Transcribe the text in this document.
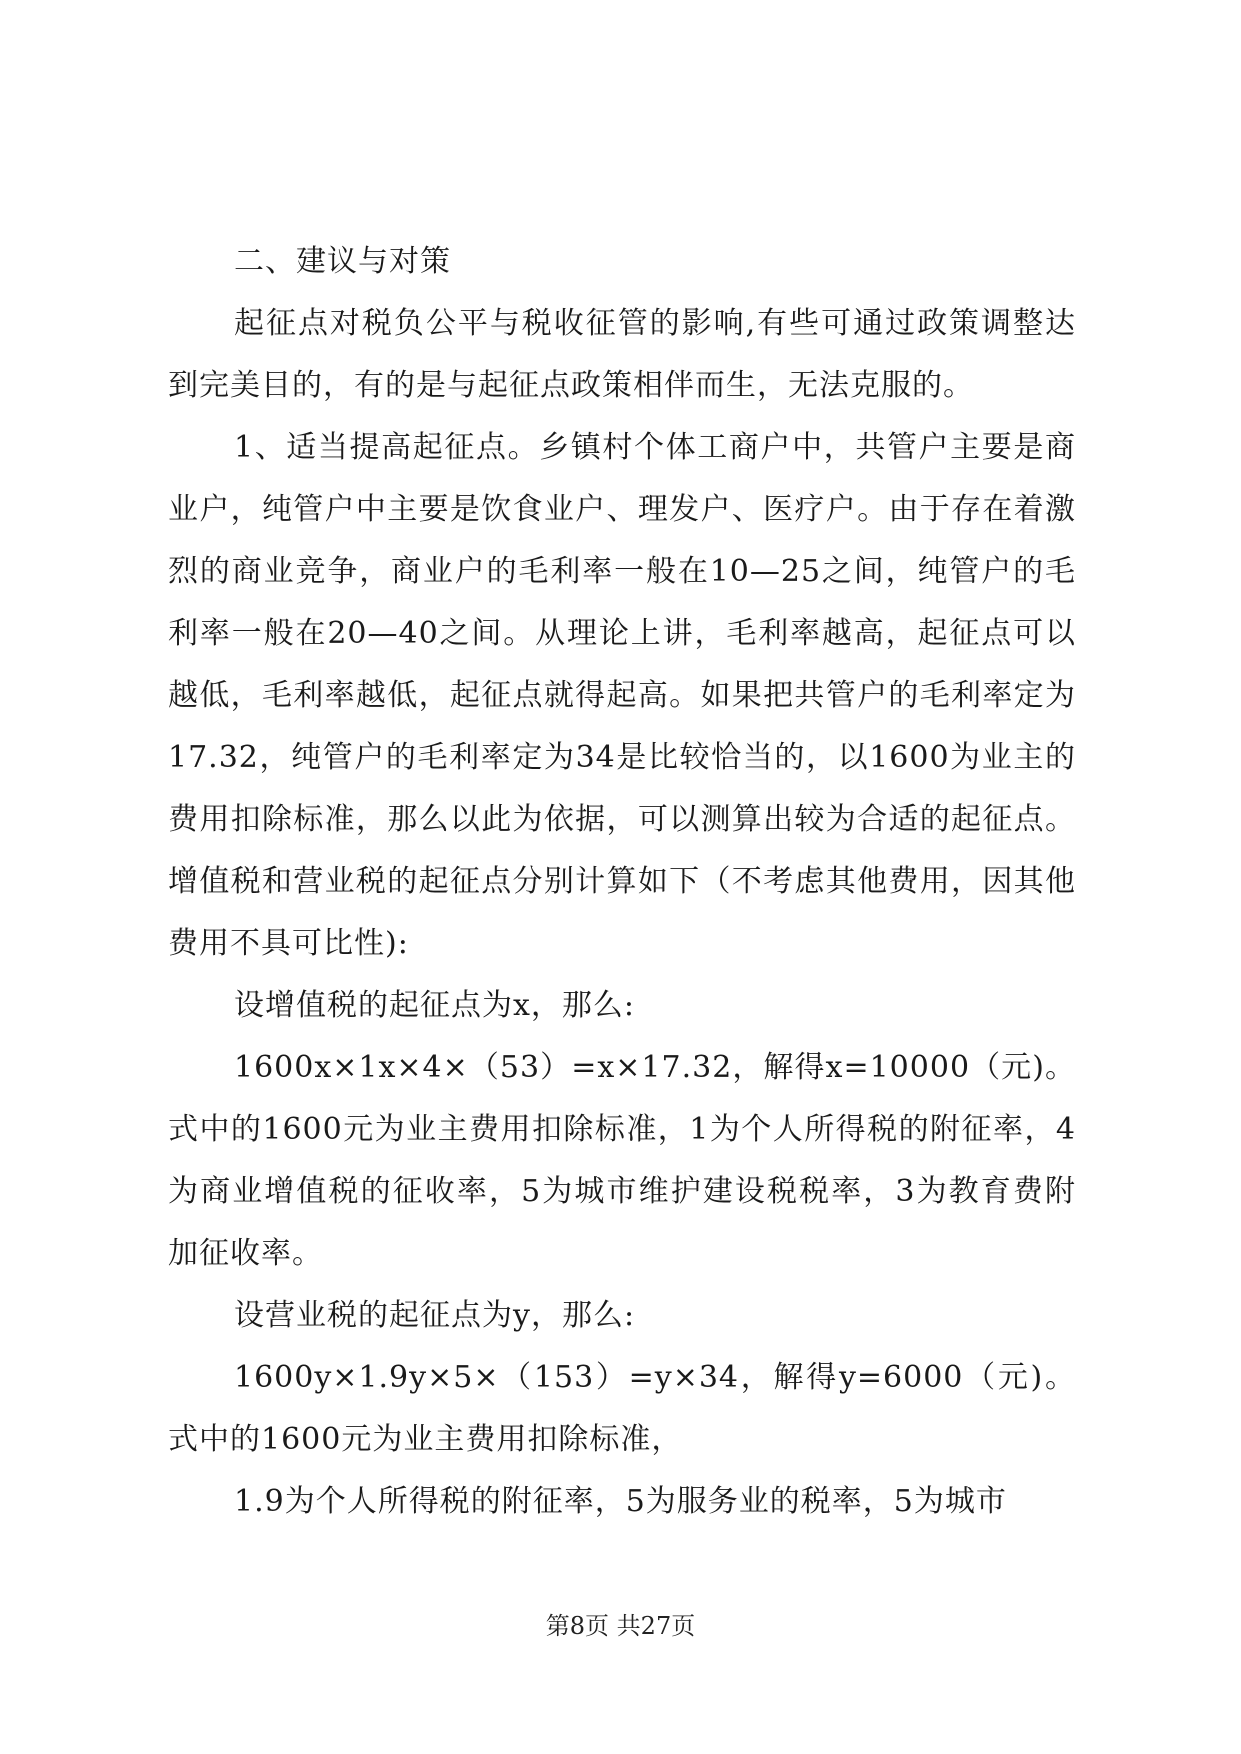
二、建议与对策

起征点对税负公平与税收征管的影响,有些可通过政策调整达到完美目的，有的是与起征点政策相伴而生，无法克服的。

1、适当提高起征点。乡镇村个体工商户中，共管户主要是商业户，纯管户中主要是饮食业户、理发户、医疗户。由于存在着激烈的商业竞争，商业户的毛利率一般在10—25之间，纯管户的毛利率一般在20—40之间。从理论上讲，毛利率越高，起征点可以越低，毛利率越低，起征点就得起高。如果把共管户的毛利率定为17.32，纯管户的毛利率定为34是比较恰当的，以1600为业主的费用扣除标准，那么以此为依据，可以测算出较为合适的起征点。增值税和营业税的起征点分别计算如下（不考虑其他费用，因其他费用不具可比性):

设增值税的起征点为x，那么:

1600x×1x×4×（53）=x×17.32，解得x=10000（元)。式中的1600元为业主费用扣除标准，1为个人所得税的附征率，4为商业增值税的征收率，5为城市维护建设税税率，3为教育费附加征收率。

设营业税的起征点为y，那么:

1600y×1.9y×5×（153）=y×34，解得y=6000（元)。式中的1600元为业主费用扣除标准，

1.9为个人所得税的附征率，5为服务业的税率，5为城市

第8页 共27页
